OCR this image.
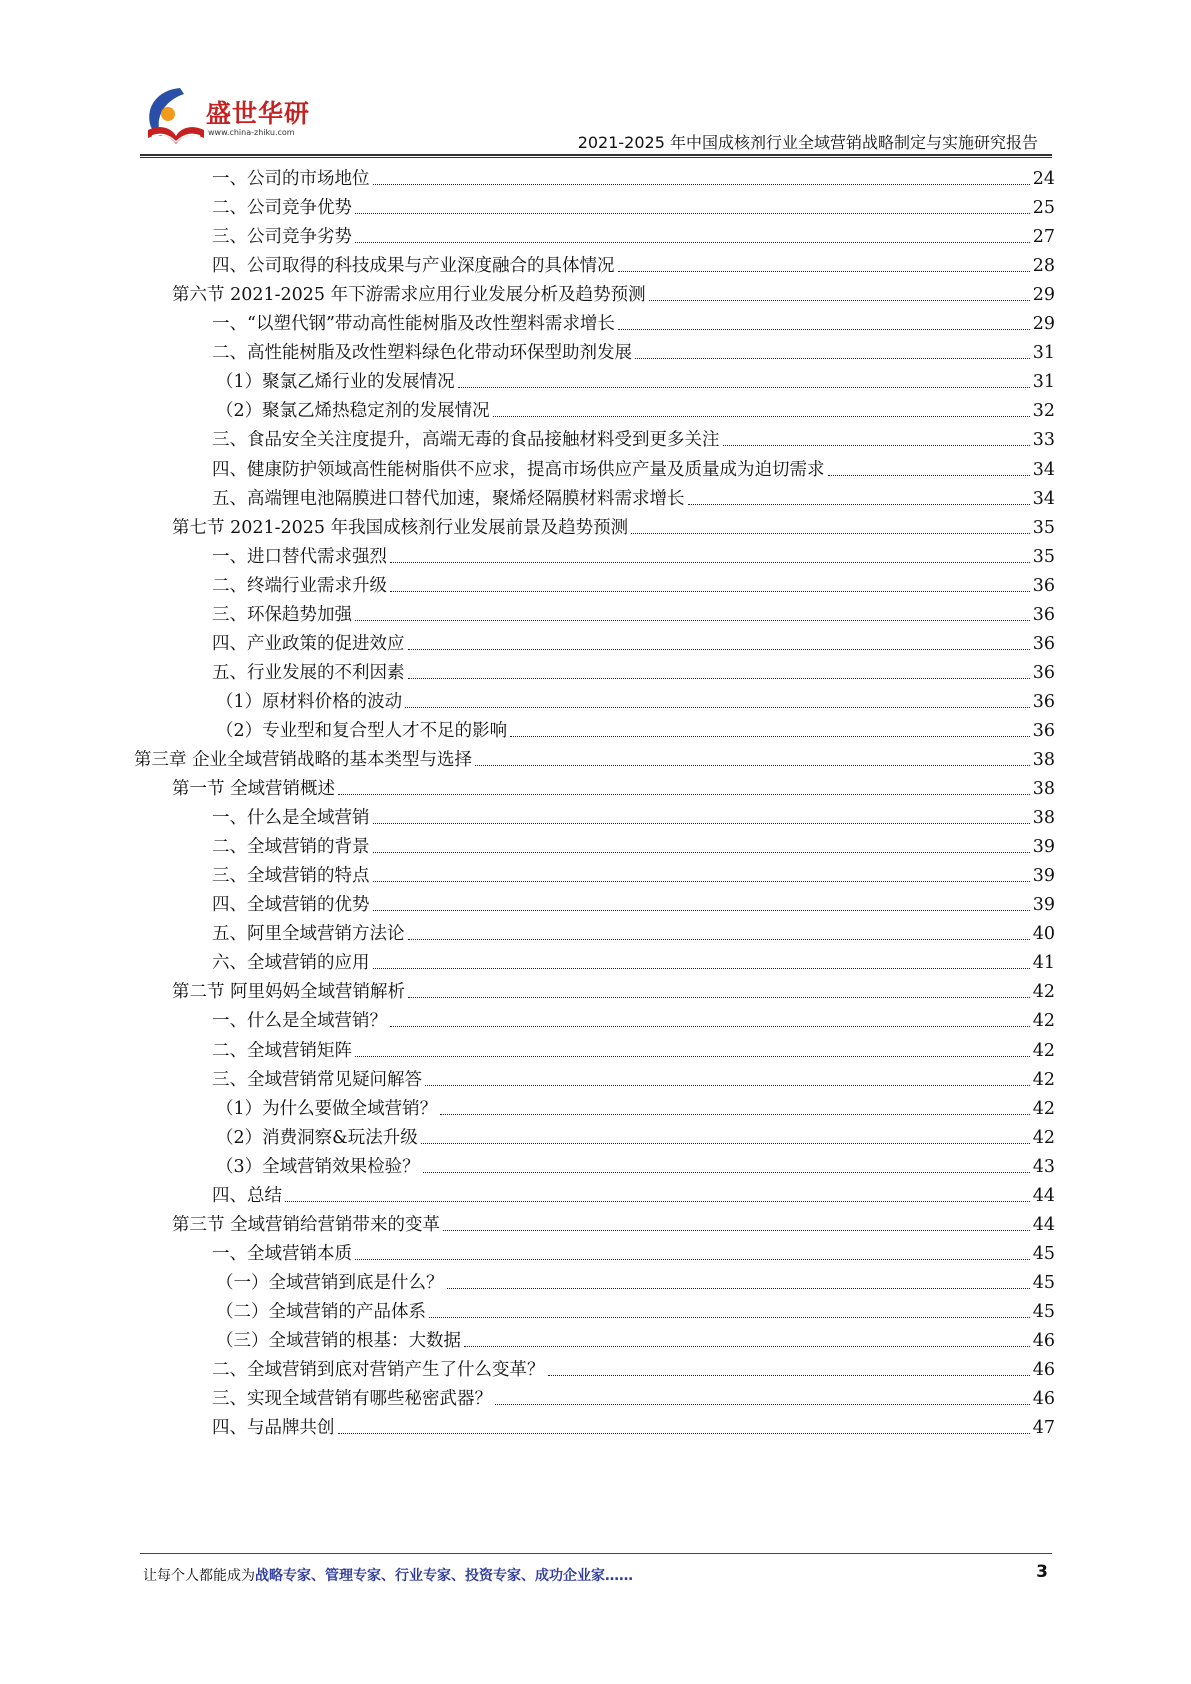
盛世华研
www.china-zhiku.com
2021-2025 年中国成核剂行业全域营销战略制定与实施研究报告
一、公司的市场地位	24
二、公司竞争优势	25
三、公司竞争劣势	27
四、公司取得的科技成果与产业深度融合的具体情况	28
第六节 2021-2025 年下游需求应用行业发展分析及趋势预测	29
一、“以塑代钢”带动高性能树脂及改性塑料需求增长	29
二、高性能树脂及改性塑料绿色化带动环保型助剂发展	31
（1）聚氯乙烯行业的发展情况	31
（2）聚氯乙烯热稳定剂的发展情况	32
三、食品安全关注度提升，高端无毒的食品接触材料受到更多关注	33
四、健康防护领域高性能树脂供不应求，提高市场供应产量及质量成为迫切需求	34
五、高端锂电池隔膜进口替代加速，聚烯烃隔膜材料需求增长	34
第七节 2021-2025 年我国成核剂行业发展前景及趋势预测	35
一、进口替代需求强烈	35
二、终端行业需求升级	36
三、环保趋势加强	36
四、产业政策的促进效应	36
五、行业发展的不利因素	36
（1）原材料价格的波动	36
（2）专业型和复合型人才不足的影响	36
第三章 企业全域营销战略的基本类型与选择	38
第一节 全域营销概述	38
一、什么是全域营销	38
二、全域营销的背景	39
三、全域营销的特点	39
四、全域营销的优势	39
五、阿里全域营销方法论	40
六、全域营销的应用	41
第二节 阿里妈妈全域营销解析	42
一、什么是全域营销？	42
二、全域营销矩阵	42
三、全域营销常见疑问解答	42
（1）为什么要做全域营销？	42
（2）消费洞察&玩法升级	42
（3）全域营销效果检验？	43
四、总结	44
第三节 全域营销给营销带来的变革	44
一、全域营销本质	45
（一）全域营销到底是什么？	45
（二）全域营销的产品体系	45
（三）全域营销的根基：大数据	46
二、全域营销到底对营销产生了什么变革？	46
三、实现全域营销有哪些秘密武器？	46
四、与品牌共创	47
让每个人都能成为战略专家、管理专家、行业专家、投资专家、成功企业家……	3
